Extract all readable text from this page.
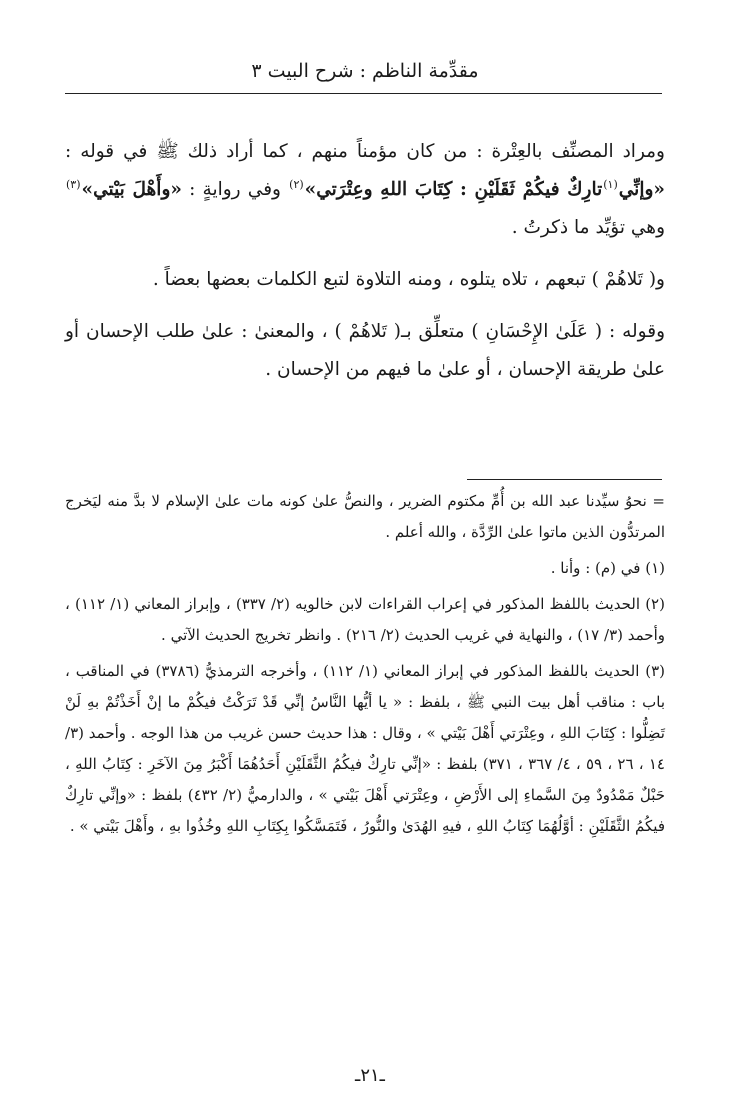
مقدِّمة الناظم : شرح البيت ٣

ومراد المصنِّف بالعِتْرة : من كان مؤمناً منهم ، كما أراد ذلك ﷺ في قوله : «وإنِّي$^{(١)}$تارِكٌ فيكُمْ ثَقَلَيْنِ : كِتَابَ اللهِ وعِتْرَتي»$^{(٢)}$ وفي روايةٍ : «وأَهْلَ بَيْتي»$^{(٣)}$ وهي تؤيِّد ما ذكرتُ .

و( تَلاهُمْ ) تبعهم ، تلاه يتلوه ، ومنه التلاوة لتبع الكلمات بعضها بعضاً .

وقوله : ( عَلَىٰ الإِحْسَانِ ) متعلِّق بـ( تَلاهُمْ ) ، والمعنىٰ : علىٰ طلب الإحسان أو علىٰ طريقة الإحسان ، أو علىٰ ما فيهم من الإحسان .

= نحوُ سيِّدنا عبد الله بن أُمِّ مكتوم الضرير ، والنصُّ علىٰ كونه مات علىٰ الإسلام لا بدَّ منه ليَخرج المرتدُّون الذين ماتوا علىٰ الرِّدَّة ، والله أعلم .

(١) في (م) : وأنا .

(٢) الحديث باللفظ المذكور في إعراب القراءات لابن خالويه (٢/ ٣٣٧) ، وإبراز المعاني (١/ ١١٢) ، وأحمد (٣/ ١٧) ، والنهاية في غريب الحديث (٢/ ٢١٦) . وانظر تخريج الحديث الآتي .

(٣) الحديث باللفظ المذكور في إبراز المعاني (١/ ١١٢) ، وأخرجه الترمذيُّ (٣٧٨٦) في المناقب ، باب : مناقب أهل بيت النبي ﷺ ، بلفظ : « يا أيُّها النَّاسُ إنِّي قَدْ تَرَكْتُ فيكُمْ ما إنْ أَخَذْتُمْ بهِ لَنْ تَضِلُّوا : كِتَابَ اللهِ ، وعِتْرَتي أَهْلَ بَيْتي » ، وقال : هذا حديث حسن غريب من هذا الوجه . وأحمد (٣/ ١٤ ، ٢٦ ، ٥٩ ، ٤/ ٣٦٧ ، ٣٧١) بلفظ : «إنِّي تارِكٌ فيكُمُ الثَّقَلَيْنِ أَحَدُهُمَا أَكْبَرُ مِنَ الآخَرِ : كِتَابُ اللهِ ، حَبْلٌ مَمْدُودٌ مِنَ السَّماءِ إلى الأَرْضِ ، وعِتْرَتي أَهْلَ بَيْتي » ، والدارميُّ (٢/ ٤٣٢) بلفظ : «وإنِّي تارِكٌ فيكُمُ الثَّقَلَيْنِ : أوَّلُهُمَا كِتَابُ اللهِ ، فيهِ الهُدَىٰ والنُّورُ ، فَتَمَسَّكُوا بِكِتَابِ اللهِ وخُذُوا بهِ ، وأَهْلَ بَيْتي » .

ـ٢١ـ
